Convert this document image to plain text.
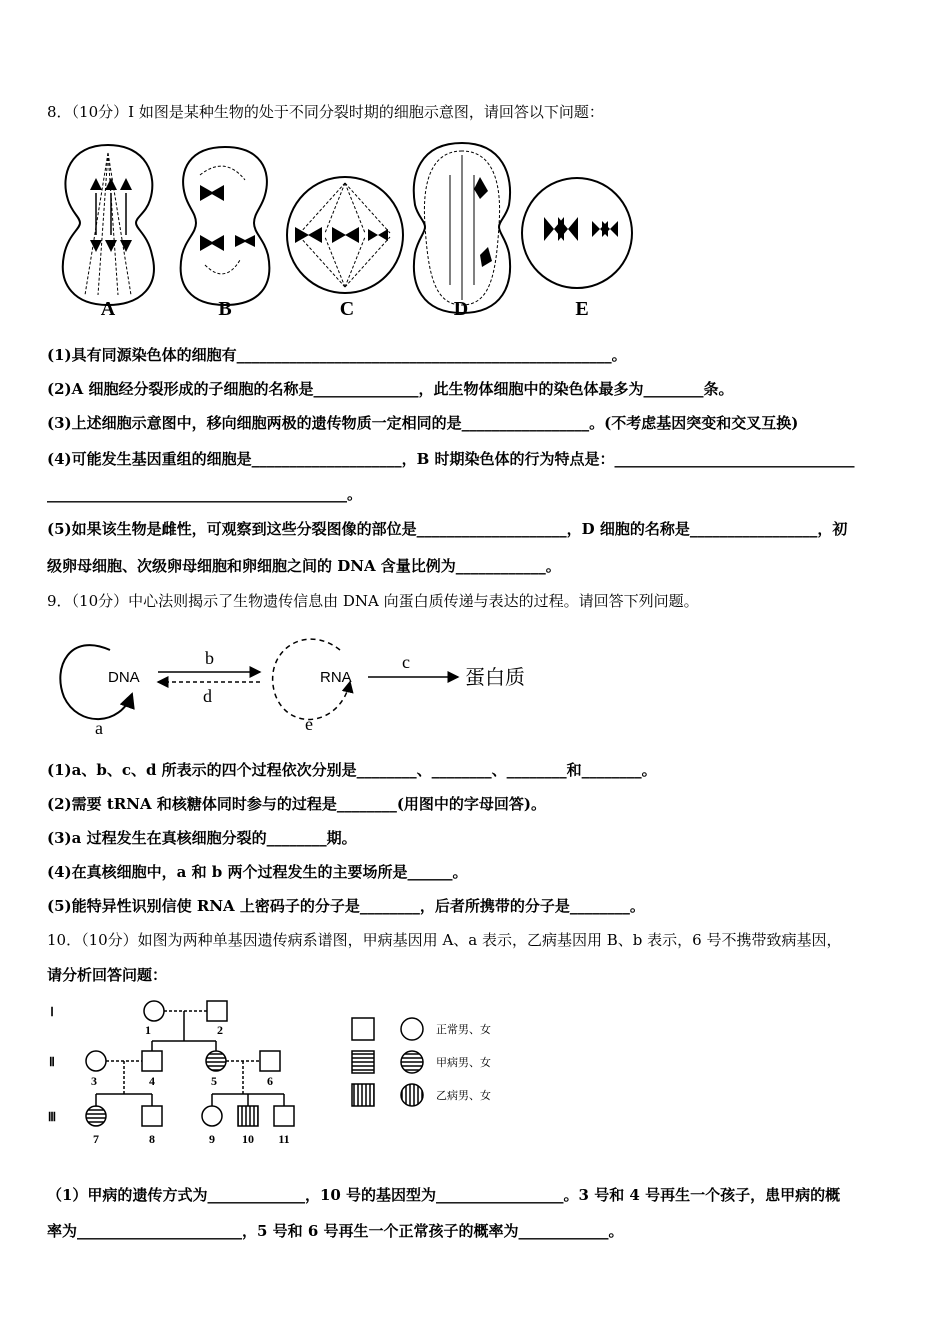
8．（10分）I 如图是某种生物的处于不同分裂时期的细胞示意图，请回答以下问题：
A	B	C	D	E
(1)具有同源染色体的细胞有__________________________________________________。
(2)A 细胞经分裂形成的子细胞的名称是______________，此生物体细胞中的染色体最多为________条。
(3)上述细胞示意图中，移向细胞两极的遗传物质一定相同的是_________________。(不考虑基因突变和交叉互换)
(4)可能发生基因重组的细胞是____________________，B 时期染色体的行为特点是：________________________________
________________________________________。
(5)如果该生物是雌性，可观察到这些分裂图像的部位是____________________，D 细胞的名称是_________________，初
级卵母细胞、次级卵母细胞和卵细胞之间的 DNA 含量比例为____________。
9．（10分）中心法则揭示了生物遗传信息由 DNA 向蛋白质传递与表达的过程。请回答下列问题。
DNA
b
d
RNA
c
蛋白质
a	e
(1)a、b、c、d 所表示的四个过程依次分别是________、________、________和________。
(2)需要 tRNA 和核糖体同时参与的过程是________(用图中的字母回答)。
(3)a 过程发生在真核细胞分裂的________期。
(4)在真核细胞中，a 和 b 两个过程发生的主要场所是______。
(5)能特异性识别信使 RNA 上密码子的分子是________，后者所携带的分子是________。
10．（10分）如图为两种单基因遗传病系谱图，甲病基因用 A、a 表示，乙病基因用 B、b 表示，6 号不携带致病基因，
请分析回答问题：
Ⅰ
Ⅱ
Ⅲ
1	2
3	4	5	6
7	8	9 10 11
正常男、女
甲病男、女
乙病男、女
（1）甲病的遗传方式为_____________，10 号的基因型为_________________。3 号和 4 号再生一个孩子，患甲病的概
率为______________________，5 号和 6 号再生一个正常孩子的概率为____________。
